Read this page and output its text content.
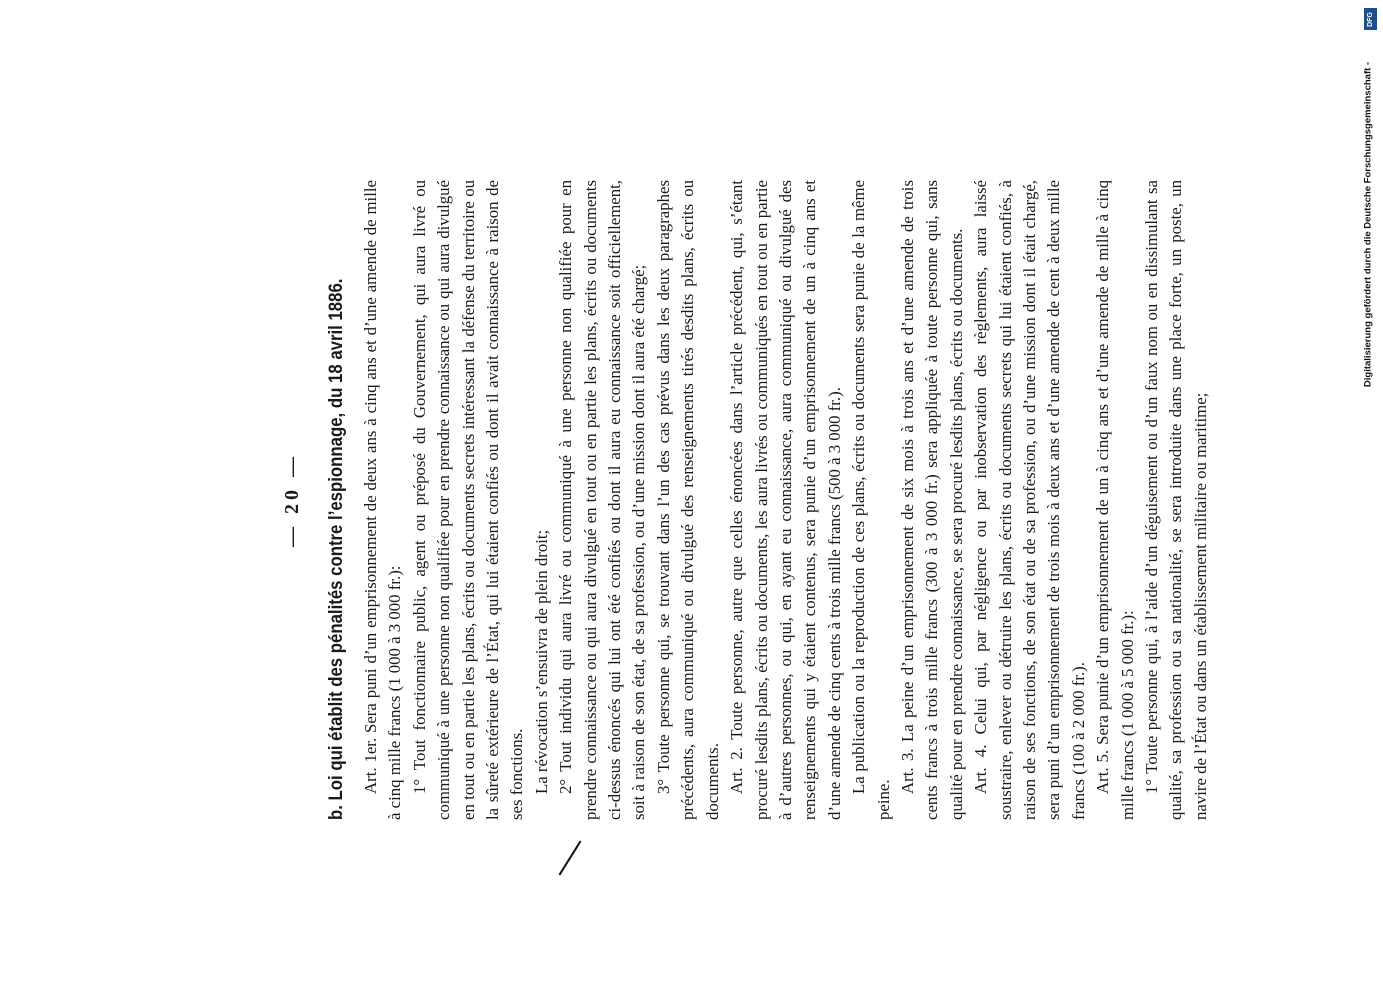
— 20 — b. Loi qui établit des pénalités contre l’espionnage, du 18 avril 1886. Art. 1er. Sera puni d’un emprisonnement de deux ans à cinq ans et d’une amende de mille à cinq mille francs (1 000 à 3 000 fr.): 1° Tout fonctionnaire public, agent ou préposé du Gouvernement, qui aura livré ou communiqué à une personne non qualifiée pour en prendre connaissance ou qui aura divulgué en tout ou en partie les plans, écrits ou documents secrets intéressant la défense du territoire ou la sûreté extérieure de l’État, qui lui étaient confiés ou dont il avait connaissance à raison de ses fonctions. La révocation s’ensuivra de plein droit; 2° Tout individu qui aura livré ou communiqué à une personne non qualifiée pour en prendre connaissance ou qui aura divulgué en tout ou en partie les plans, écrits ou documents ci-dessus énoncés qui lui ont été confiés ou dont il aura eu connaissance soit officiellement, soit à raison de son état, de sa profession, ou d’une mission dont il aura été chargé; 3° Toute personne qui, se trouvant dans l’un des cas prévus dans les deux paragraphes précédents, aura communiqué ou divulgué des renseignements tirés desdits plans, écrits ou documents. Art. 2. Toute personne, autre que celles énoncées dans l’article précédent, qui, s’étant procuré lesdits plans, écrits ou documents, les aura livrés ou communiqués en tout ou en partie à d’autres personnes, ou qui, en ayant eu connaissance, aura communiqué ou divulgué des renseignements qui y étaient contenus, sera punie d’un emprisonnement de un à cinq ans et d’une amende de cinq cents à trois mille francs (500 à 3 000 fr.). La publication ou la reproduction de ces plans, écrits ou documents sera punie de la même peine.

Art. 3. La peine d’un emprisonnement de six mois à trois ans et d’une amende de trois cents francs à trois mille francs (300 à 3 000 fr.) sera appliquée à toute personne qui, sans qualité pour en prendre connaissance, se sera procuré lesdits plans, écrits ou documents. Art. 4. Celui qui, par négligence ou par inobservation des règlements, aura laissé soustraire, enlever ou détruire les plans, écrits ou documents secrets qui lui étaient confiés, à raison de ses fonctions, de son état ou de sa profession, ou d’une mission dont il était chargé, sera puni d’un emprisonnement de trois mois à deux ans et d’une amende de cent à deux mille francs (100 à 2 000 fr.). Art. 5. Sera punie d’un emprisonnement de un à cinq ans et d’une amende de mille à cinq mille francs (1 000 à 5 000 fr.): 1° Toute personne qui, à l’aide d’un déguisement ou d’un faux nom ou en dissimulant sa qualité, sa profession ou sa nationalité, se sera introduite dans une place forte, un poste, un navire de l’État ou dans un établissement militaire ou maritime;

DFG
Digitalisierung gefördert durch die Deutsche Forschungsgemeinschaft -
